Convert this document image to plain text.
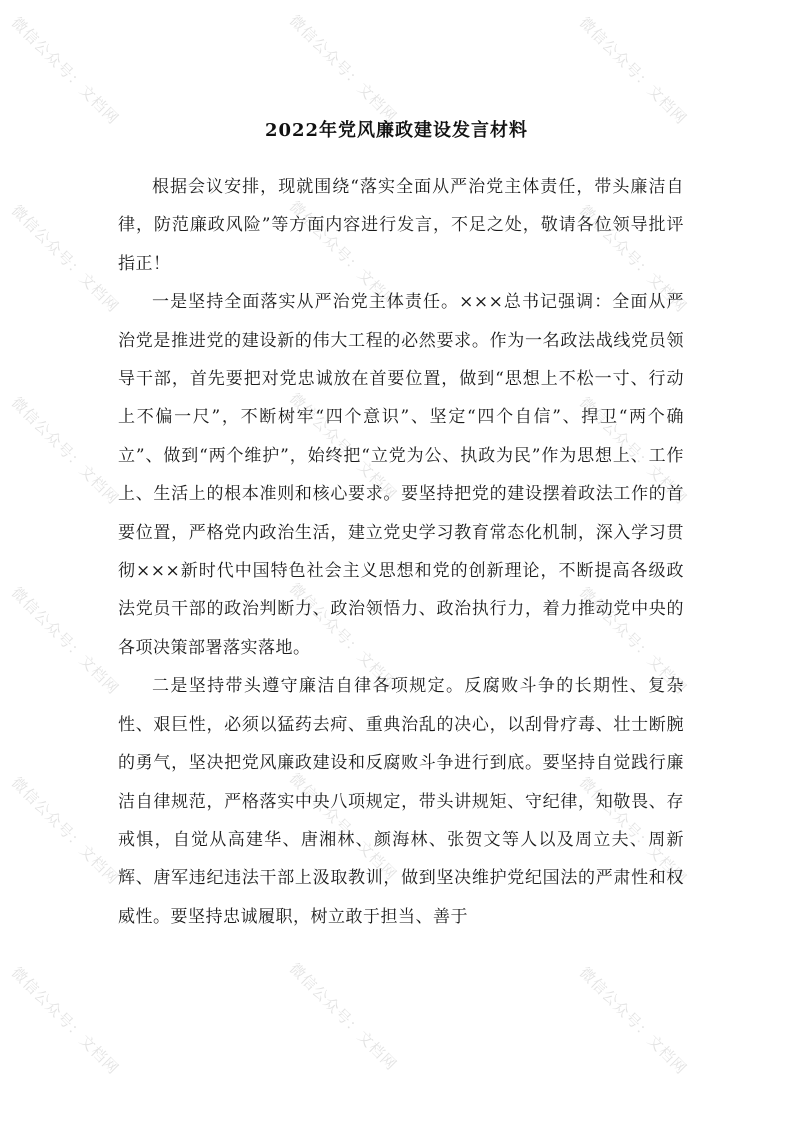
微信公众号：文档网	微信公众号：文档网	微信公众号：文档网
微信公众号：文档网	微信公众号：文档网	微信公众号：文档网
微信公众号：文档网	微信公众号：文档网	微信公众号：文档网
微信公众号：文档网	微信公众号：文档网	微信公众号：文档网
微信公众号：文档网	微信公众号：文档网	微信公众号：文档网
微信公众号：文档网	微信公众号：文档网	微信公众号：文档网
2022年党风廉政建设发言材料

根据会议安排，现就围绕“落实全面从严治党主体责任，带头廉洁自律，防范廉政风险”等方面内容进行发言，不足之处，敬请各位领导批评指正！

一是坚持全面落实从严治党主体责任。×××总书记强调：全面从严治党是推进党的建设新的伟大工程的必然要求。作为一名政法战线党员领导干部，首先要把对党忠诚放在首要位置，做到“思想上不松一寸、行动上不偏一尺”，不断树牢“四个意识”、坚定“四个自信”、捍卫“两个确立”、做到“两个维护”，始终把“立党为公、执政为民”作为思想上、工作上、生活上的根本准则和核心要求。要坚持把党的建设摆着政法工作的首要位置，严格党内政治生活，建立党史学习教育常态化机制，深入学习贯彻×××新时代中国特色社会主义思想和党的创新理论，不断提高各级政法党员干部的政治判断力、政治领悟力、政治执行力，着力推动党中央的各项决策部署落实落地。

二是坚持带头遵守廉洁自律各项规定。反腐败斗争的长期性、复杂性、艰巨性，必须以猛药去疴、重典治乱的决心，以刮骨疗毒、壮士断腕的勇气，坚决把党风廉政建设和反腐败斗争进行到底。要坚持自觉践行廉洁自律规范，严格落实中央八项规定，带头讲规矩、守纪律，知敬畏、存戒惧，自觉从高建华、唐湘林、颜海林、张贺文等人以及周立夫、周新辉、唐军违纪违法干部上汲取教训，做到坚决维护党纪国法的严肃性和权威性。要坚持忠诚履职，树立敢于担当、善于
